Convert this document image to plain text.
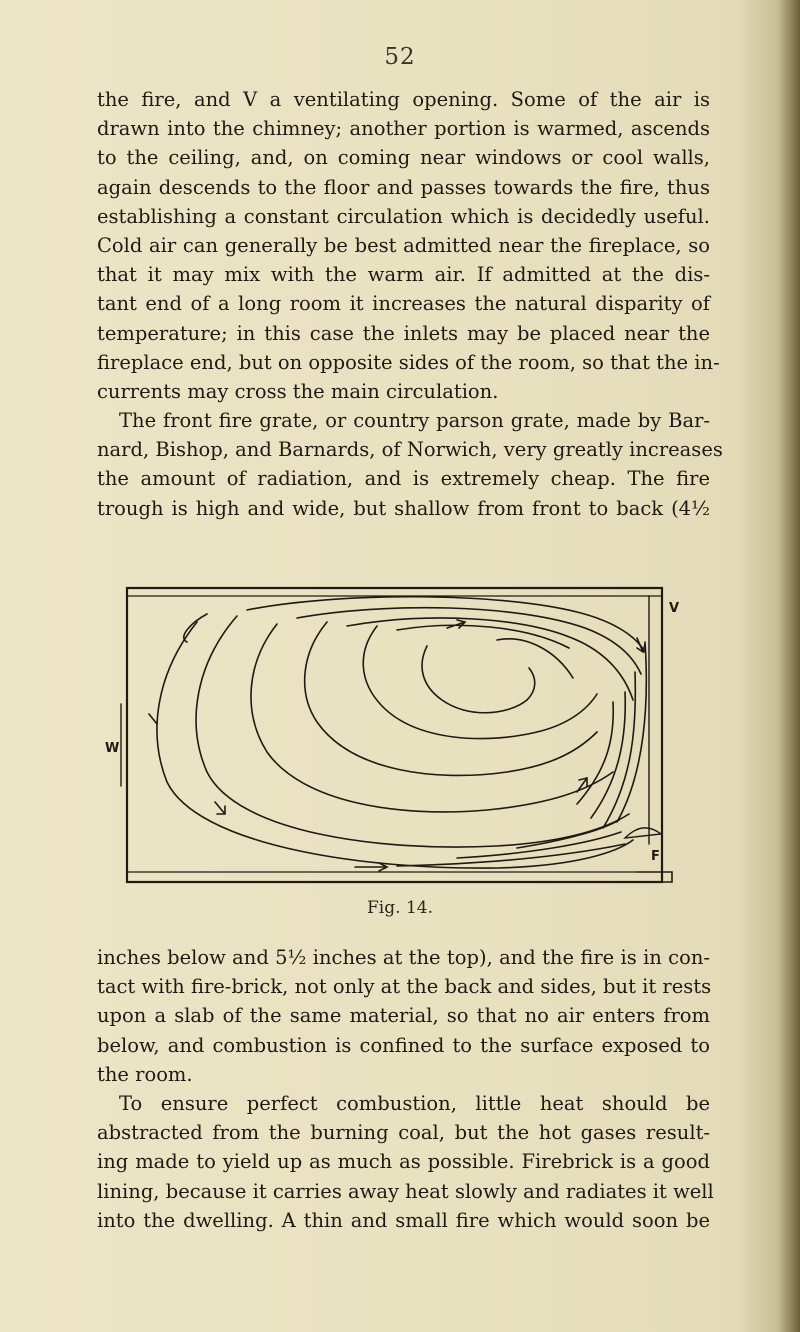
52
the fire, and V a ventilating opening. Some of the air is
drawn into the chimney; another portion is warmed, ascends
to the ceiling, and, on coming near windows or cool walls,
again descends to the floor and passes towards the fire, thus
establishing a constant circulation which is decidedly useful.
Cold air can generally be best admitted near the fireplace, so
that it may mix with the warm air. If admitted at the dis-
tant end of a long room it increases the natural disparity of
temperature; in this case the inlets may be placed near the
fireplace end, but on opposite sides of the room, so that the in-
currents may cross the main circulation.
The front fire grate, or country parson grate, made by Bar-
nard, Bishop, and Barnards, of Norwich, very greatly increases
the amount of radiation, and is extremely cheap. The fire
trough is high and wide, but shallow from front to back (4½
W
V
F
Fig. 14.
inches below and 5½ inches at the top), and the fire is in con-
tact with fire-brick, not only at the back and sides, but it rests
upon a slab of the same material, so that no air enters from
below, and combustion is confined to the surface exposed to
the room.
To ensure perfect combustion, little heat should be
abstracted from the burning coal, but the hot gases result-
ing made to yield up as much as possible. Firebrick is a good
lining, because it carries away heat slowly and radiates it well
into the dwelling. A thin and small fire which would soon be
